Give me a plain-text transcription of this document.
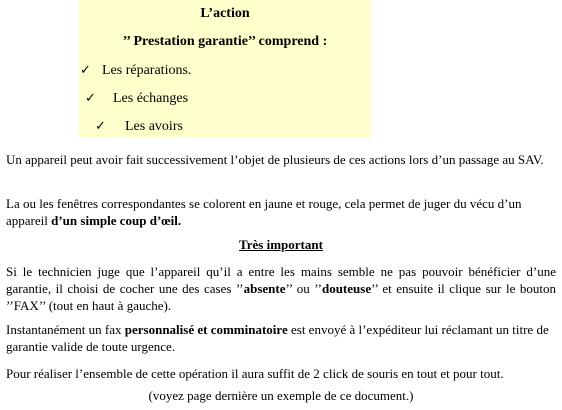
L’action
’’ Prestation garantie’’ comprend :
✓ Les réparations.
✓ Les échanges
✓ Les avoirs
Un appareil peut avoir fait successivement l’objet de plusieurs de ces actions lors d’un passage au SAV.
La ou les fenêtres correspondantes se colorent en jaune et rouge, cela permet de juger du vécu d’un appareil d’un simple coup d’œil.
Très important
Si le technicien juge que l’appareil qu’il a entre les mains semble ne pas pouvoir bénéficier d’une garantie, il choisi de cocher une des cases ’’absente’’ ou ’’douteuse’’ et ensuite il clique sur le bouton ’’FAX’’ (tout en haut à gauche).
Instantanément un fax personnalisé et comminatoire est envoyé à l’expéditeur lui réclamant un titre de garantie valide de toute urgence.
Pour réaliser l’ensemble de cette opération il aura suffit de 2 click de souris en tout et pour tout.
(voyez page dernière un exemple de ce document.)
